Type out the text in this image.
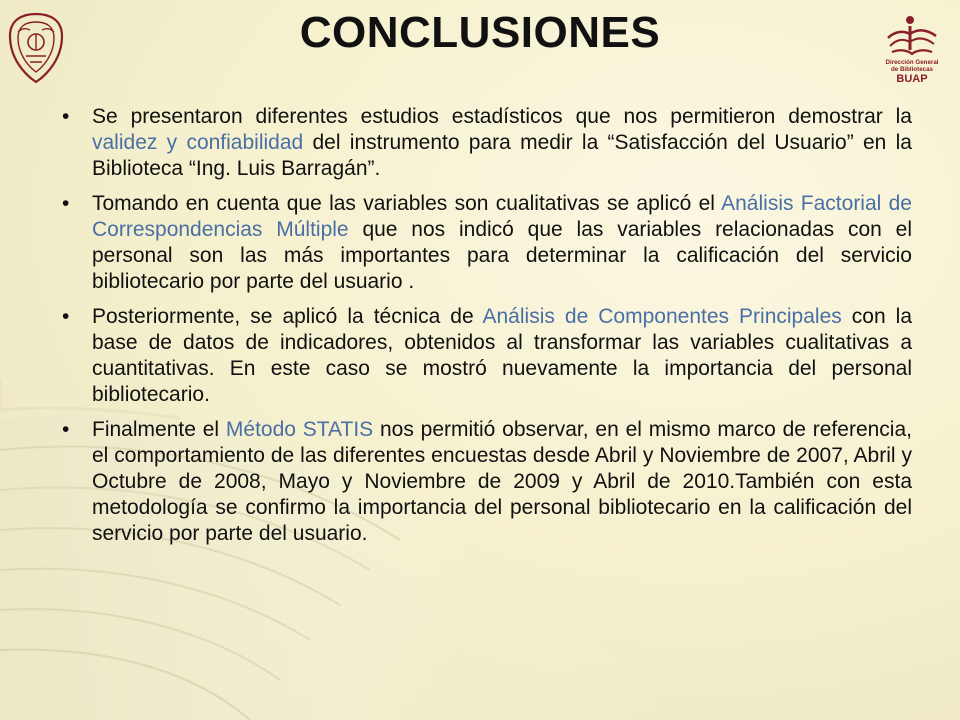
CONCLUSIONES
Dirección General
de Bibliotecas
BUAP
• Se presentaron diferentes estudios estadísticos que nos permitieron demostrar la validez y confiabilidad del instrumento para medir la “Satisfacción del Usuario” en la Biblioteca “Ing. Luis Barragán”.
• Tomando en cuenta que las variables son cualitativas se aplicó el Análisis Factorial de Correspondencias Múltiple que nos indicó que las variables relacionadas con el personal son las más importantes para determinar la calificación del servicio bibliotecario por parte del usuario .
• Posteriormente, se aplicó la técnica de Análisis de Componentes Principales con la base de datos de indicadores, obtenidos al transformar las variables cualitativas a cuantitativas. En este caso se mostró nuevamente la importancia del personal bibliotecario.
• Finalmente el Método STATIS nos permitió observar, en el mismo marco de referencia, el comportamiento de las diferentes encuestas desde Abril y Noviembre de 2007, Abril y Octubre de 2008, Mayo y Noviembre de 2009 y Abril de 2010.También con esta metodología se confirmo la importancia del personal bibliotecario en la calificación del servicio por parte del usuario.
